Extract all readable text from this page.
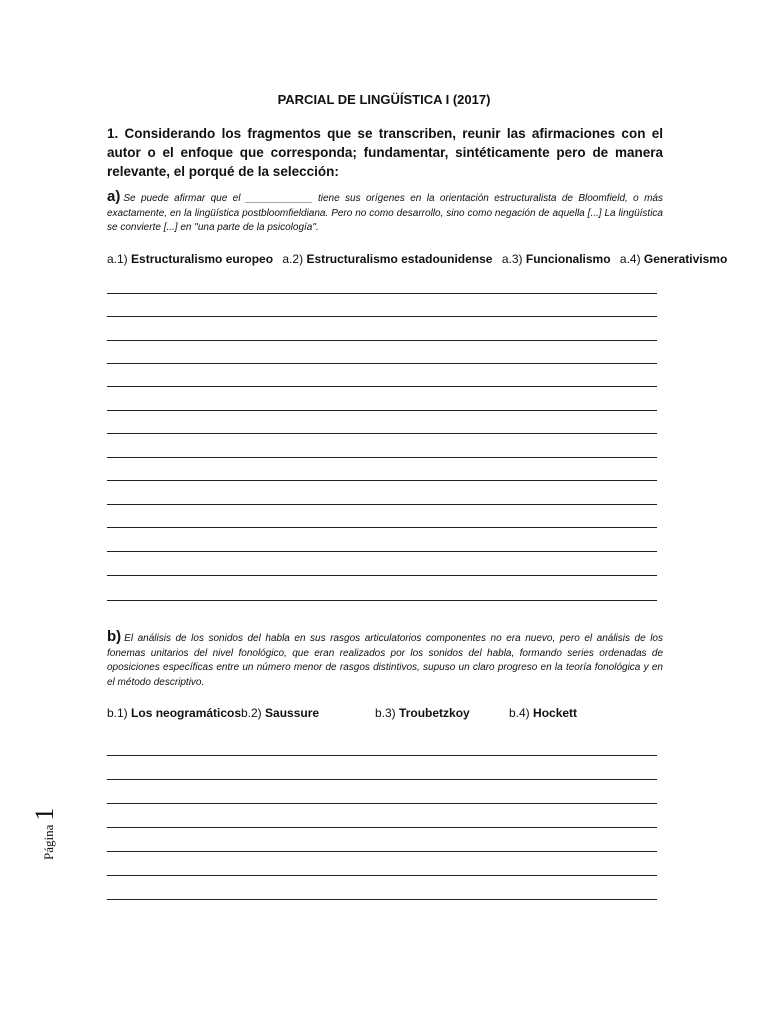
PARCIAL DE LINGÜÍSTICA I (2017)
1. Considerando los fragmentos que se transcriben, reunir las afirmaciones con el autor o el enfoque que corresponda; fundamentar, sintéticamente pero de manera relevante, el porqué de la selección:
a) Se puede afirmar que el ____________ tiene sus orígenes en la orientación estructuralista de Bloomfield, o más exactamente, en la lingüística postbloomfieldiana. Pero no como desarrollo, sino como negación de aquella [...] La lingüística se convierte [...] en "una parte de la psicología".
a.1) Estructuralismo europeo a.2) Estructuralismo estadounidense a.3) Funcionalismo a.4) Generativismo
b) El análisis de los sonidos del habla en sus rasgos articulatorios componentes no era nuevo, pero el análisis de los fonemas unitarios del nivel fonológico, que eran realizados por los sonidos del habla, formando series ordenadas de oposiciones específicas entre un número menor de rasgos distintivos, supuso un claro progreso en la teoría fonológica y en el método descriptivo.
b.1) Los neogramáticosb.2) Saussure	b.3) Troubetzkoy	b.4) Hockett
Página 1
